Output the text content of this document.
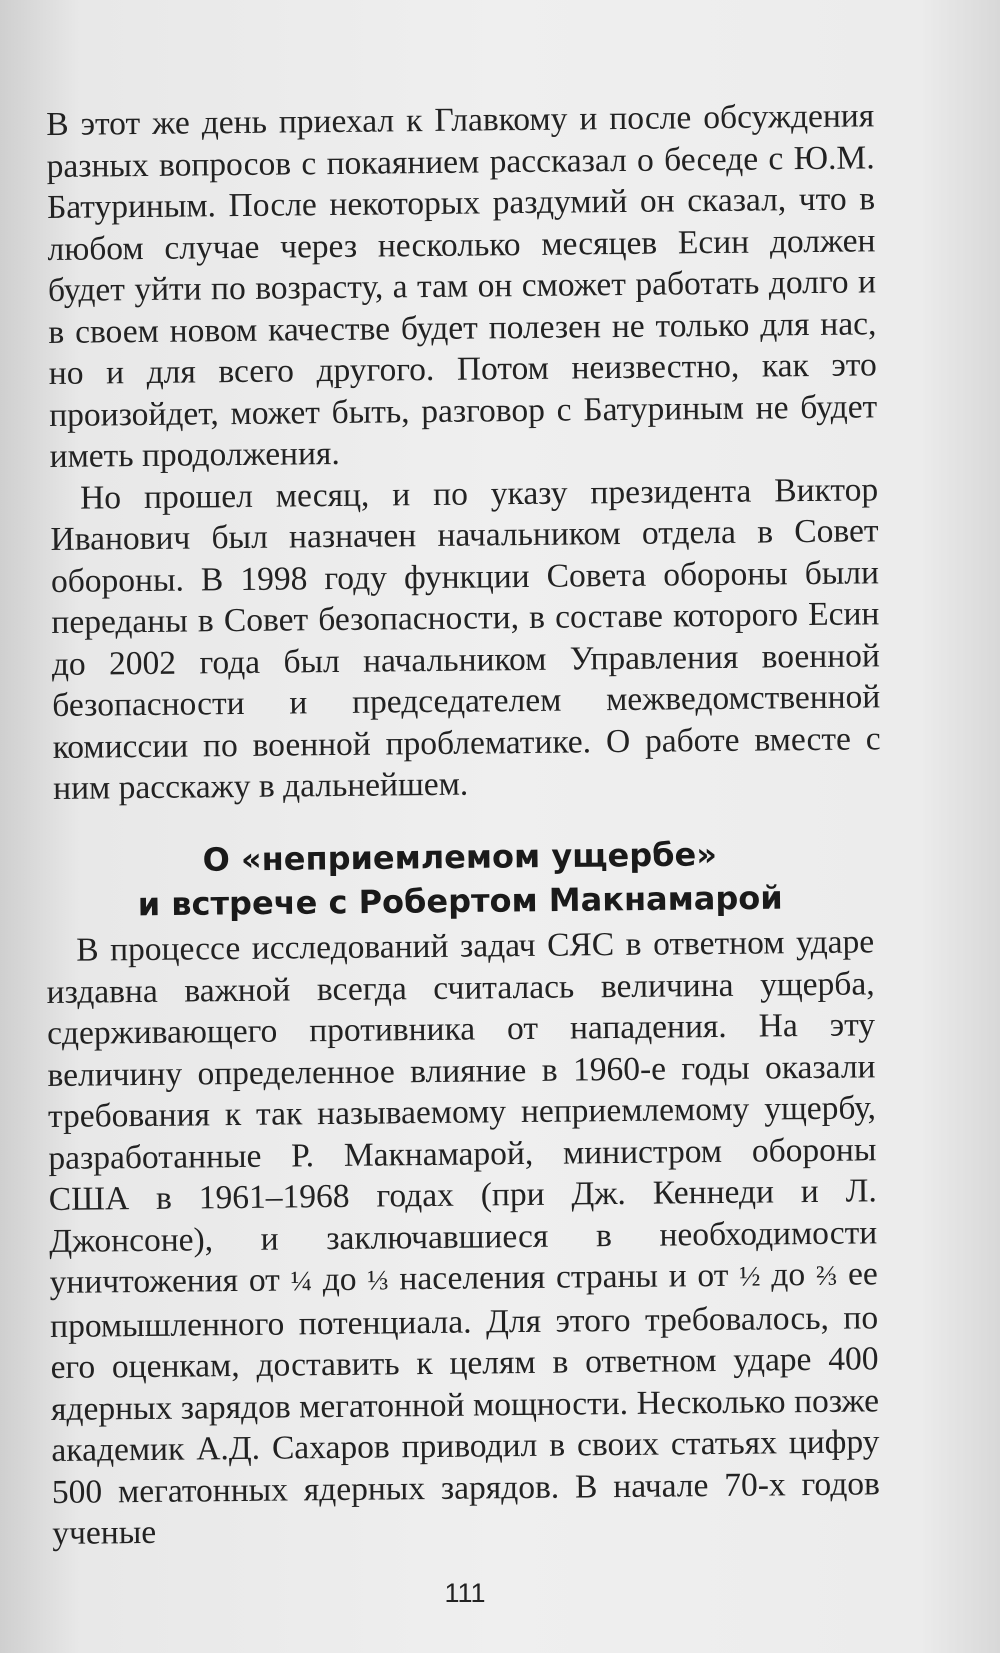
В этот же день приехал к Главкому и после обсуждения разных вопросов с покаянием рассказал о беседе с Ю.М. Батуриным. После некоторых раздумий он сказал, что в любом случае через несколько месяцев Есин должен будет уйти по возрасту, а там он сможет работать долго и в своем новом качестве будет полезен не только для нас, но и для всего другого. Потом неизвестно, как это произойдет, может быть, разговор с Батуриным не будет иметь продолжения.

Но прошел месяц, и по указу президента Виктор Иванович был назначен начальником отдела в Совет обороны. В 1998 году функции Совета обороны были переданы в Совет безопасности, в составе которого Есин до 2002 года был начальником Управления военной безопасности и председателем межведомственной комиссии по военной проблематике. О работе вместе с ним расскажу в дальнейшем.

О «неприемлемом ущербе»
и встрече с Робертом Макнамарой

В процессе исследований задач СЯС в ответном ударе издавна важной всегда считалась величина ущерба, сдерживающего противника от нападения. На эту величину определенное влияние в 1960-е годы оказали требования к так называемому неприемлемому ущербу, разработанные Р. Макнамарой, министром обороны США в 1961–1968 годах (при Дж. Кеннеди и Л. Джонсоне), и заключавшиеся в необходимости уничтожения от ¼ до ⅓ населения страны и от ½ до ⅔ ее промышленного потенциала. Для этого требовалось, по его оценкам, доставить к целям в ответном ударе 400 ядерных зарядов мегатонной мощности. Несколько позже академик А.Д. Сахаров приводил в своих статьях цифру 500 мегатонных ядерных зарядов. В начале 70-х годов ученые

111
